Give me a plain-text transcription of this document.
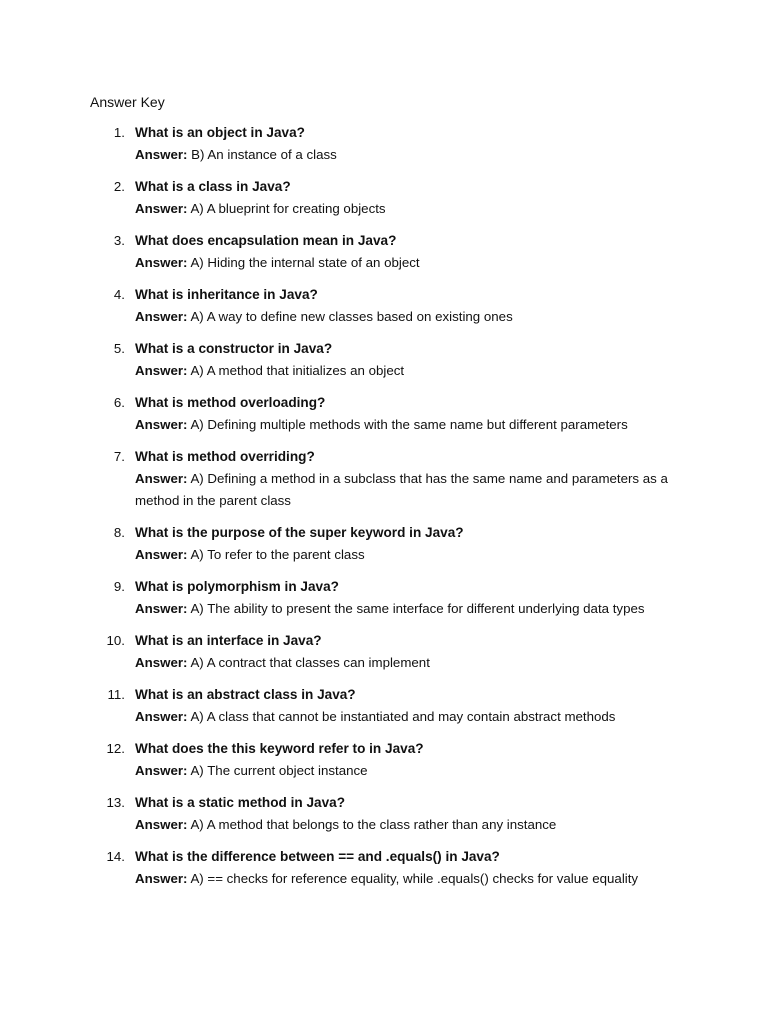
Answer Key
1. What is an object in Java?
Answer: B) An instance of a class
2. What is a class in Java?
Answer: A) A blueprint for creating objects
3. What does encapsulation mean in Java?
Answer: A) Hiding the internal state of an object
4. What is inheritance in Java?
Answer: A) A way to define new classes based on existing ones
5. What is a constructor in Java?
Answer: A) A method that initializes an object
6. What is method overloading?
Answer: A) Defining multiple methods with the same name but different parameters
7. What is method overriding?
Answer: A) Defining a method in a subclass that has the same name and parameters as a method in the parent class
8. What is the purpose of the super keyword in Java?
Answer: A) To refer to the parent class
9. What is polymorphism in Java?
Answer: A) The ability to present the same interface for different underlying data types
10. What is an interface in Java?
Answer: A) A contract that classes can implement
11. What is an abstract class in Java?
Answer: A) A class that cannot be instantiated and may contain abstract methods
12. What does the this keyword refer to in Java?
Answer: A) The current object instance
13. What is a static method in Java?
Answer: A) A method that belongs to the class rather than any instance
14. What is the difference between == and .equals() in Java?
Answer: A) == checks for reference equality, while .equals() checks for value equality
